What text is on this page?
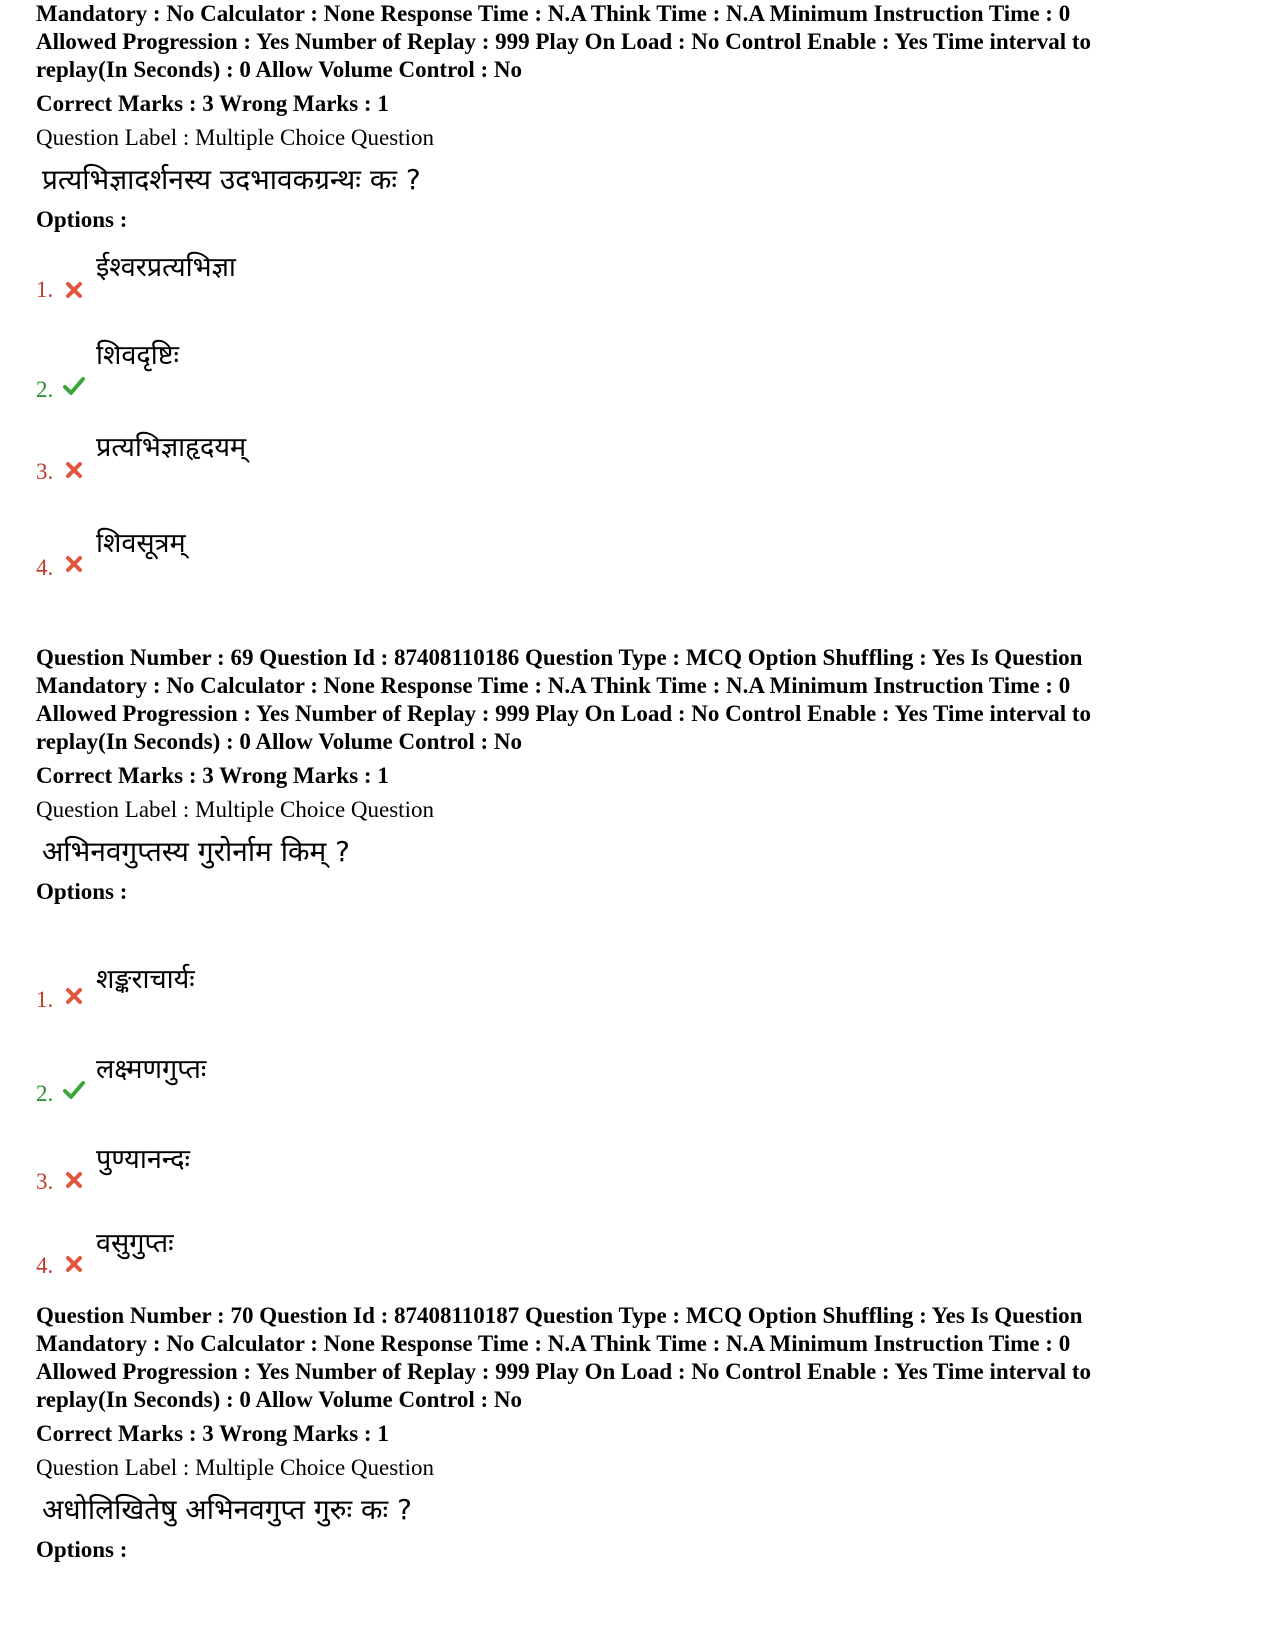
Mandatory : No Calculator : None Response Time : N.A Think Time : N.A Minimum Instruction Time : 0
Allowed Progression : Yes Number of Replay : 999 Play On Load : No Control Enable : Yes Time interval to
replay(In Seconds) : 0 Allow Volume Control : No

Correct Marks : 3 Wrong Marks : 1

Question Label : Multiple Choice Question

प्रत्यभिज्ञादर्शनस्य उदभावकग्रन्थः कः ?

Options :

1.
ईश्वरप्रत्यभिज्ञा
2.
शिवदृष्टिः
3.
प्रत्यभिज्ञाहृदयम्
4.
शिवसूत्रम्

Question Number : 69 Question Id : 87408110186 Question Type : MCQ Option Shuffling : Yes Is Question
Mandatory : No Calculator : None Response Time : N.A Think Time : N.A Minimum Instruction Time : 0
Allowed Progression : Yes Number of Replay : 999 Play On Load : No Control Enable : Yes Time interval to
replay(In Seconds) : 0 Allow Volume Control : No

Correct Marks : 3 Wrong Marks : 1

Question Label : Multiple Choice Question

अभिनवगुप्तस्य गुरोर्नाम किम् ?

Options :

1.
शङ्कराचार्यः
2.
लक्ष्मणगुप्तः
3.
पुण्यानन्दः
4.
वसुगुप्तः

Question Number : 70 Question Id : 87408110187 Question Type : MCQ Option Shuffling : Yes Is Question
Mandatory : No Calculator : None Response Time : N.A Think Time : N.A Minimum Instruction Time : 0
Allowed Progression : Yes Number of Replay : 999 Play On Load : No Control Enable : Yes Time interval to
replay(In Seconds) : 0 Allow Volume Control : No

Correct Marks : 3 Wrong Marks : 1

Question Label : Multiple Choice Question

अधोलिखितेषु अभिनवगुप्त गुरुः कः ?

Options :
